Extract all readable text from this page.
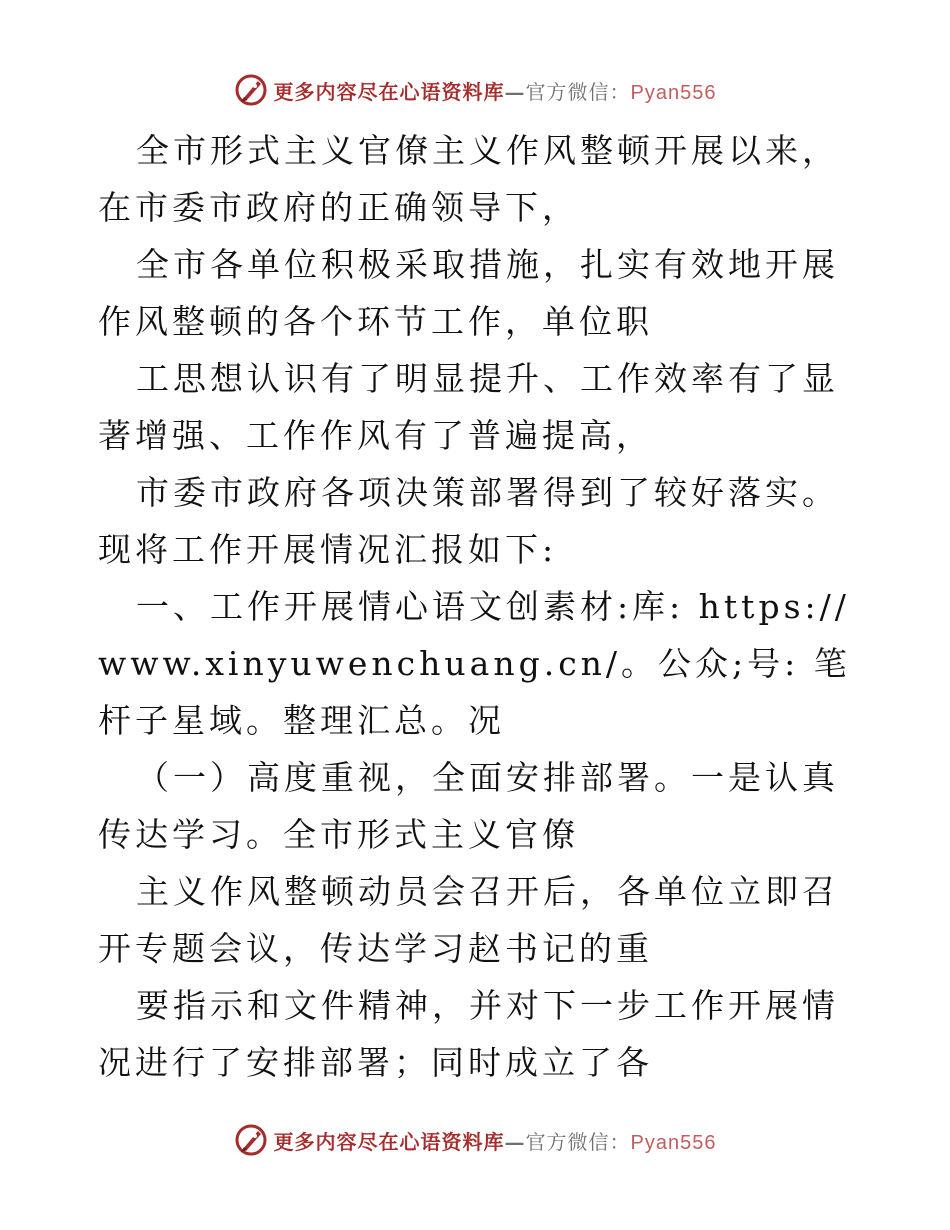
更多内容尽在心语资料库—官方微信：Pyan556

全市形式主义官僚主义作风整顿开展以来，在市委市政府的正确领导下，

全市各单位积极采取措施，扎实有效地开展作风整顿的各个环节工作，单位职

工思想认识有了明显提升、工作效率有了显著增强、工作作风有了普遍提高，

市委市政府各项决策部署得到了较好落实。现将工作开展情况汇报如下:

一、工作开展情心语文创素材:库: https://www.xinyuwenchuang.cn/。公众;号: 笔杆子星域。整理汇总。况

（一）高度重视，全面安排部署。一是认真传达学习。全市形式主义官僚

主义作风整顿动员会召开后，各单位立即召开专题会议，传达学习赵书记的重

要指示和文件精神，并对下一步工作开展情况进行了安排部署；同时成立了各

更多内容尽在心语资料库—官方微信：Pyan556
